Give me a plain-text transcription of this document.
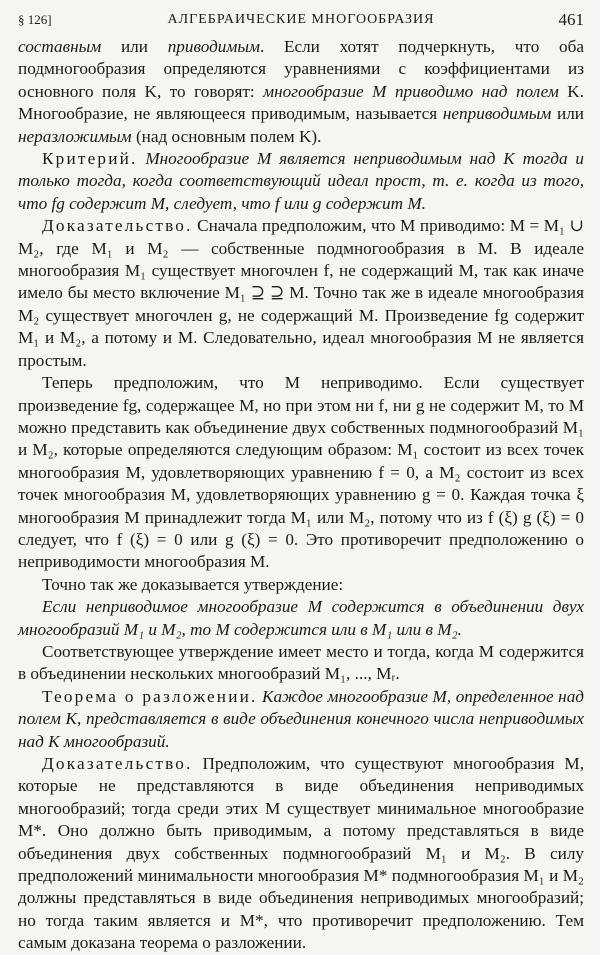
§ 126]	АЛГЕБРАИЧЕСКИЕ МНОГООБРАЗИЯ	461

составным или приводимым. Если хотят подчеркнуть, что оба подмногообразия определяются уравнениями с коэффициентами из основного поля K, то говорят: многообразие M приводимо над полем K. Многообразие, не являющееся приводимым, называется неприводимым или неразложимым (над основным полем K).

Критерий. Многообразие M является неприводимым над K тогда и только тогда, когда соответствующий идеал прост, т. е. когда из того, что fg содержит M, следует, что f или g содержит M.

Доказательство. Сначала предположим, что M приводимо: M = M₁ ∪ M₂, где M₁ и M₂ — собственные подмногообразия в M. В идеале многообразия M₁ существует многочлен f, не содержащий M, так как иначе имело бы место включение M₁ ⊇ ⊇ M. Точно так же в идеале многообразия M₂ существует многочлен g, не содержащий M. Произведение fg содержит M₁ и M₂, а потому и M. Следовательно, идеал многообразия M не является простым.

Теперь предположим, что M неприводимо. Если существует произведение fg, содержащее M, но при этом ни f, ни g не содержит M, то M можно представить как объединение двух собственных подмногообразий M₁ и M₂, которые определяются следующим образом: M₁ состоит из всех точек многообразия M, удовлетворяющих уравнению f = 0, а M₂ состоит из всех точек многообразия M, удовлетворяющих уравнению g = 0. Каждая точка ξ многообразия M принадлежит тогда M₁ или M₂, потому что из f (ξ) g (ξ) = 0 следует, что f (ξ) = 0 или g (ξ) = 0. Это противоречит предположению о неприводимости многообразия M.

Точно так же доказывается утверждение:

Если неприводимое многообразие M содержится в объединении двух многообразий M₁ и M₂, то M содержится или в M₁ или в M₂.

Соответствующее утверждение имеет место и тогда, когда M содержится в объединении нескольких многообразий M₁, ..., Mᵣ.

Теорема о разложении. Каждое многообразие M, определенное над полем K, представляется в виде объединения конечного числа неприводимых над K многообразий.

Доказательство. Предположим, что существуют многообразия M, которые не представляются в виде объединения неприводимых многообразий; тогда среди этих M существует минимальное многообразие M*. Оно должно быть приводимым, а потому представляться в виде объединения двух собственных подмногообразий M₁ и M₂. В силу предположений минимальности многообразия M* подмногообразия M₁ и M₂ должны представляться в виде объединения неприводимых многообразий; но тогда таким является и M*, что противоречит предположению. Тем самым доказана теорема о разложении.
